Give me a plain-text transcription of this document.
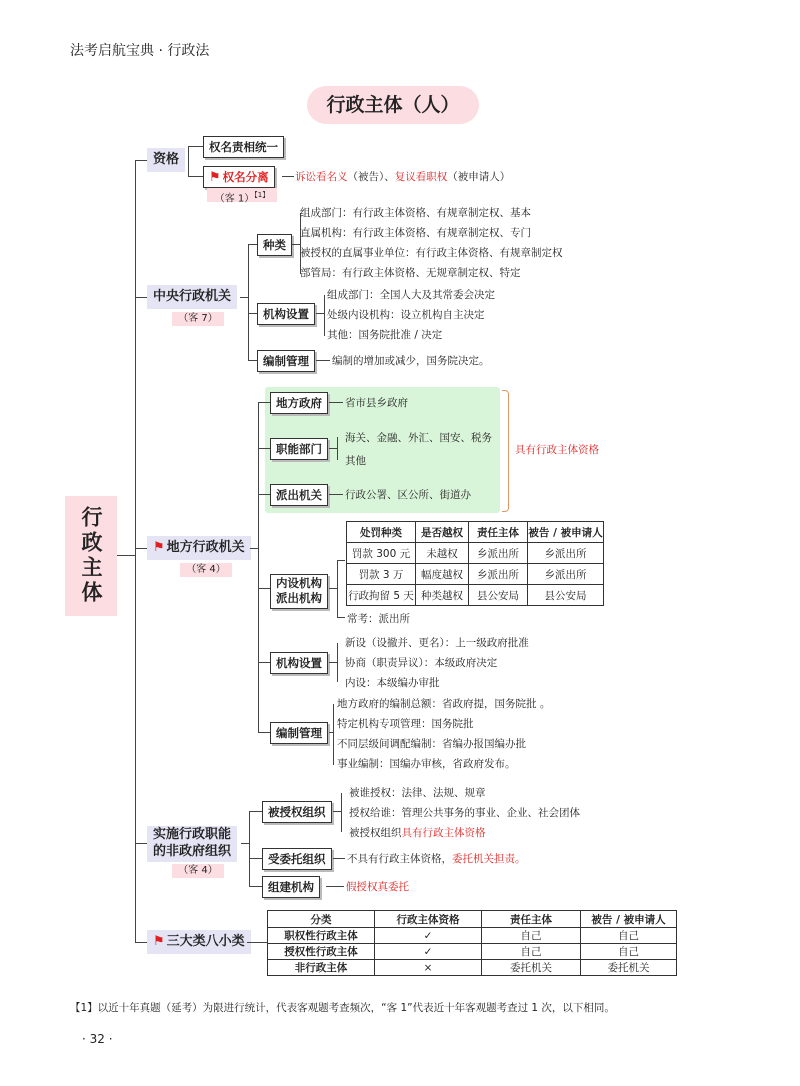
法考启航宝典 · 行政法
行政主体（人）
行政主体
资格
权名责相统一
⚑ 权名分离
（客 1）$^{【1】}$
诉讼看名义（被告）、复议看职权（被申请人）
中央行政机关
（客 7）
种类
组成部门：有行政主体资格、有规章制定权、基本
直属机构：有行政主体资格、有规章制定权、专门
被授权的直属事业单位：有行政主体资格、有规章制定权
部管局：有行政主体资格、无规章制定权、特定
机构设置
组成部门：全国人大及其常委会决定
处级内设机构：设立机构自主决定
其他：国务院批准 / 决定
编制管理	编制的增加或减少，国务院决定。
⚑ 地方行政机关
（客 4）
地方政府	省市县乡政府
职能部门
海关、金融、外汇、国安、税务
其他
派出机关	行政公署、区公所、街道办
具有行政主体资格
内设机构
派出机构
处罚种类	是否越权	责任主体	被告 / 被申请人
罚款 300 元	未越权	乡派出所	乡派出所
罚款 3 万	幅度越权	乡派出所	乡派出所
行政拘留 5 天	种类越权	县公安局	县公安局
常考：派出所
机构设置
新设（设撤并、更名）：上一级政府批准
协商（职责异议）：本级政府决定
内设：本级编办审批
编制管理
地方政府的编制总额：省政府提，国务院批 。
特定机构专项管理：国务院批
不同层级间调配编制：省编办报国编办批
事业编制：国编办审核，省政府发布。
实施行政职能
的非政府组织
（客 4）
被授权组织
被谁授权：法律、法规、规章
授权给谁：管理公共事务的事业、企业、社会团体
被授权组织具有行政主体资格
受委托组织	不具有行政主体资格，委托机关担责。
组建机构	假授权真委托
⚑ 三大类八小类
分类	行政主体资格	责任主体	被告 / 被申请人
职权性行政主体	✓	自己	自己
授权性行政主体	✓	自己	自己
非行政主体	×	委托机关	委托机关
【1】以近十年真题（延考）为限进行统计，代表客观题考查频次，“客 1”代表近十年客观题考查过 1 次，以下相同。
· 32 ·
